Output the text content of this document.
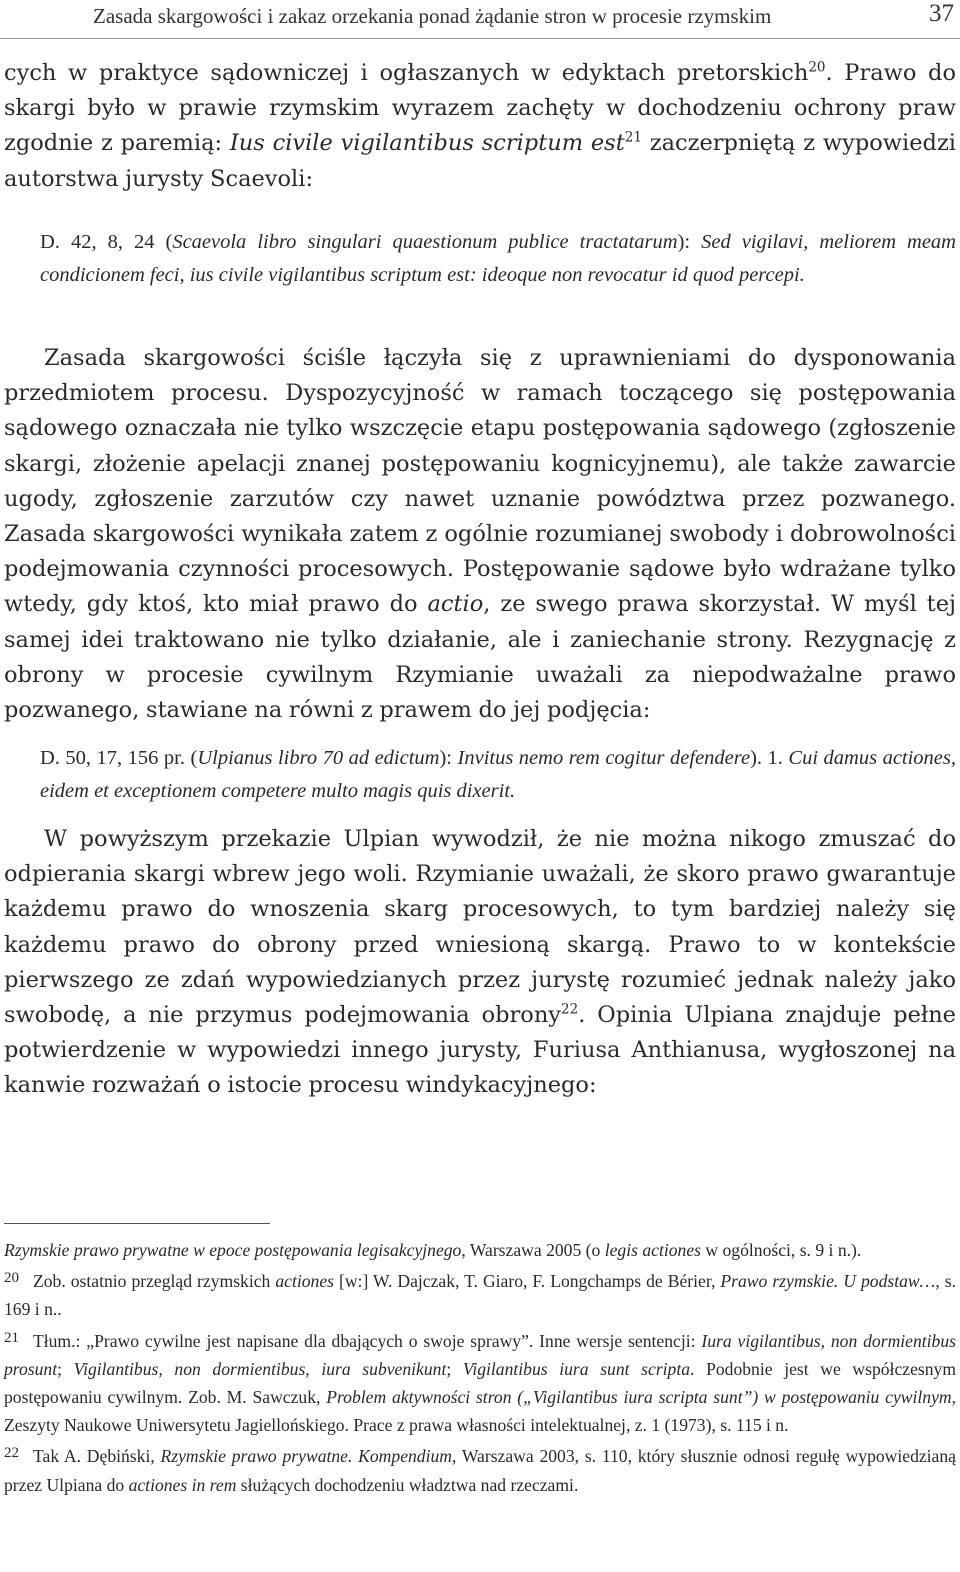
Zasada skargowości i zakaz orzekania ponad żądanie stron w procesie rzymskim	37

cych w praktyce sądowniczej i ogłaszanych w edyktach pretorskich$^{20}$. Prawo do skargi było w prawie rzymskim wyrazem zachęty w dochodzeniu ochrony praw zgodnie z paremią: Ius civile vigilantibus scriptum est$^{21}$ zaczerpniętą z wypowiedzi autorstwa jurysty Scaevoli:

D. 42, 8, 24 (Scaevola libro singulari quaestionum publice tractatarum): Sed vigilavi, meliorem meam condicionem feci, ius civile vigilantibus scriptum est: ideoque non revocatur id quod percepi.

Zasada skargowości ściśle łączyła się z uprawnieniami do dysponowania przedmiotem procesu. Dyspozycyjność w ramach toczącego się postępowania sądowego oznaczała nie tylko wszczęcie etapu postępowania sądowego (zgłoszenie skargi, złożenie apelacji znanej postępowaniu kognicyjnemu), ale także zawarcie ugody, zgłoszenie zarzutów czy nawet uznanie powództwa przez pozwanego. Zasada skargowości wynikała zatem z ogólnie rozumianej swobody i dobrowolności podejmowania czynności procesowych. Postępowanie sądowe było wdrażane tylko wtedy, gdy ktoś, kto miał prawo do actio, ze swego prawa skorzystał. W myśl tej samej idei traktowano nie tylko działanie, ale i zaniechanie strony. Rezygnację z obrony w procesie cywilnym Rzymianie uważali za niepodważalne prawo pozwanego, stawiane na równi z prawem do jej podjęcia:

D. 50, 17, 156 pr. (Ulpianus libro 70 ad edictum): Invitus nemo rem cogitur defendere). 1. Cui damus actiones, eidem et exceptionem competere multo magis quis dixerit.

W powyższym przekazie Ulpian wywodził, że nie można nikogo zmuszać do odpierania skargi wbrew jego woli. Rzymianie uważali, że skoro prawo gwarantuje każdemu prawo do wnoszenia skarg procesowych, to tym bardziej należy się każdemu prawo do obrony przed wniesioną skargą. Prawo to w kontekście pierwszego ze zdań wypowiedzianych przez jurystę rozumieć jednak należy jako swobodę, a nie przymus podejmowania obrony$^{22}$. Opinia Ulpiana znajduje pełne potwierdzenie w wypowiedzi innego jurysty, Furiusa Anthianusa, wygłoszonej na kanwie rozważań o istocie procesu windykacyjnego:

Rzymskie prawo prywatne w epoce postępowania legisakcyjnego, Warszawa 2005 (o legis actiones w ogólności, s. 9 i n.).

20 Zob. ostatnio przegląd rzymskich actiones [w:] W. Dajczak, T. Giaro, F. Longchamps de Bérier, Prawo rzymskie. U podstaw…, s. 169 i n..

21 Tłum.: „Prawo cywilne jest napisane dla dbających o swoje sprawy”. Inne wersje sentencji: Iura vigilantibus, non dormientibus prosunt; Vigilantibus, non dormientibus, iura subvenikunt; Vigilantibus iura sunt scripta. Podobnie jest we współczesnym postępowaniu cywilnym. Zob. M. Sawczuk, Problem aktywności stron („Vigilantibus iura scripta sunt”) w postępowaniu cywilnym, Zeszyty Naukowe Uniwersytetu Jagiellońskiego. Prace z prawa własności intelektualnej, z. 1 (1973), s. 115 i n.

22 Tak A. Dębiński, Rzymskie prawo prywatne. Kompendium, Warszawa 2003, s. 110, który słusznie odnosi regułę wypowiedzianą przez Ulpiana do actiones in rem służących dochodzeniu władztwa nad rzeczami.
